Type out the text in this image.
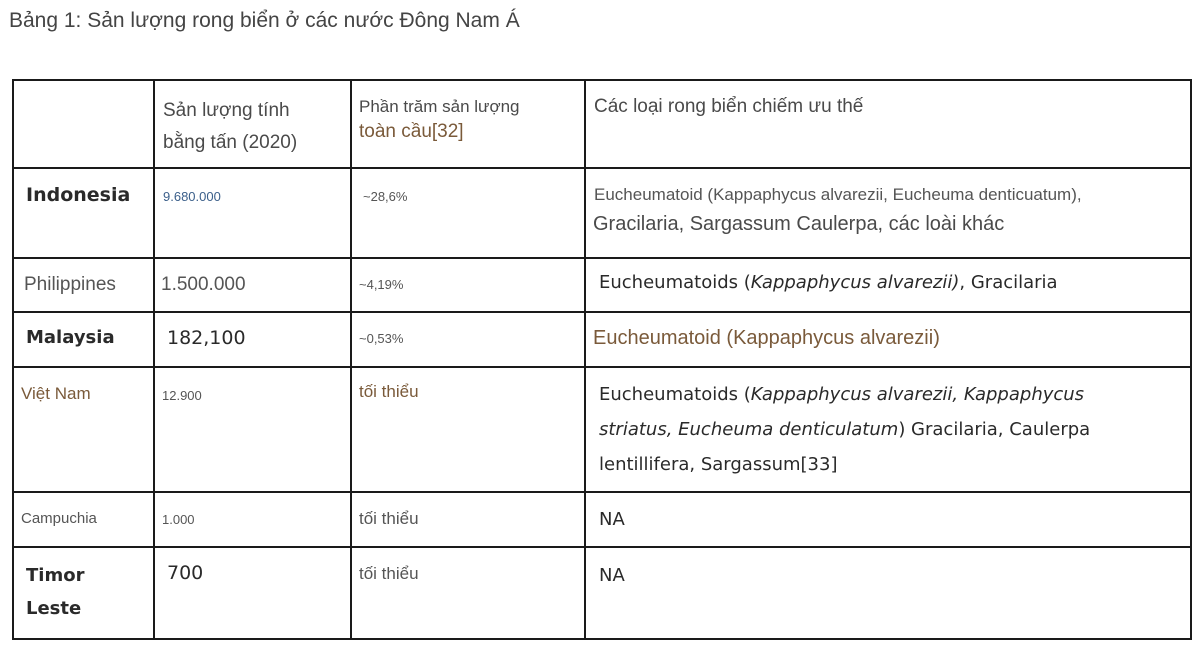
Bảng 1: Sản lượng rong biển ở các nước Đông Nam Á

	Sản lượng tính
bằng tấn (2020)	Phần trăm sản lượng
toàn cầu[32]	Các loại rong biển chiếm ưu thế

Indonesia	9.680.000	~28,6%	Eucheumatoid (Kappaphycus alvarezii, Eucheuma denticuatum),
Gracilaria, Sargassum Caulerpa, các loài khác

Philippines	1.500.000	~4,19%	Eucheumatoids (Kappaphycus alvarezii), Gracilaria

Malaysia	182,100	~0,53%	Eucheumatoid (Kappaphycus alvarezii)

Việt Nam	12.900	tối thiểu	Eucheumatoids (Kappaphycus alvarezii, Kappaphycus
striatus, Eucheuma denticulatum) Gracilaria, Caulerpa
lentillifera, Sargassum[33]

Campuchia	1.000	tối thiểu	NA

Timor
Leste	700	tối thiểu	NA
